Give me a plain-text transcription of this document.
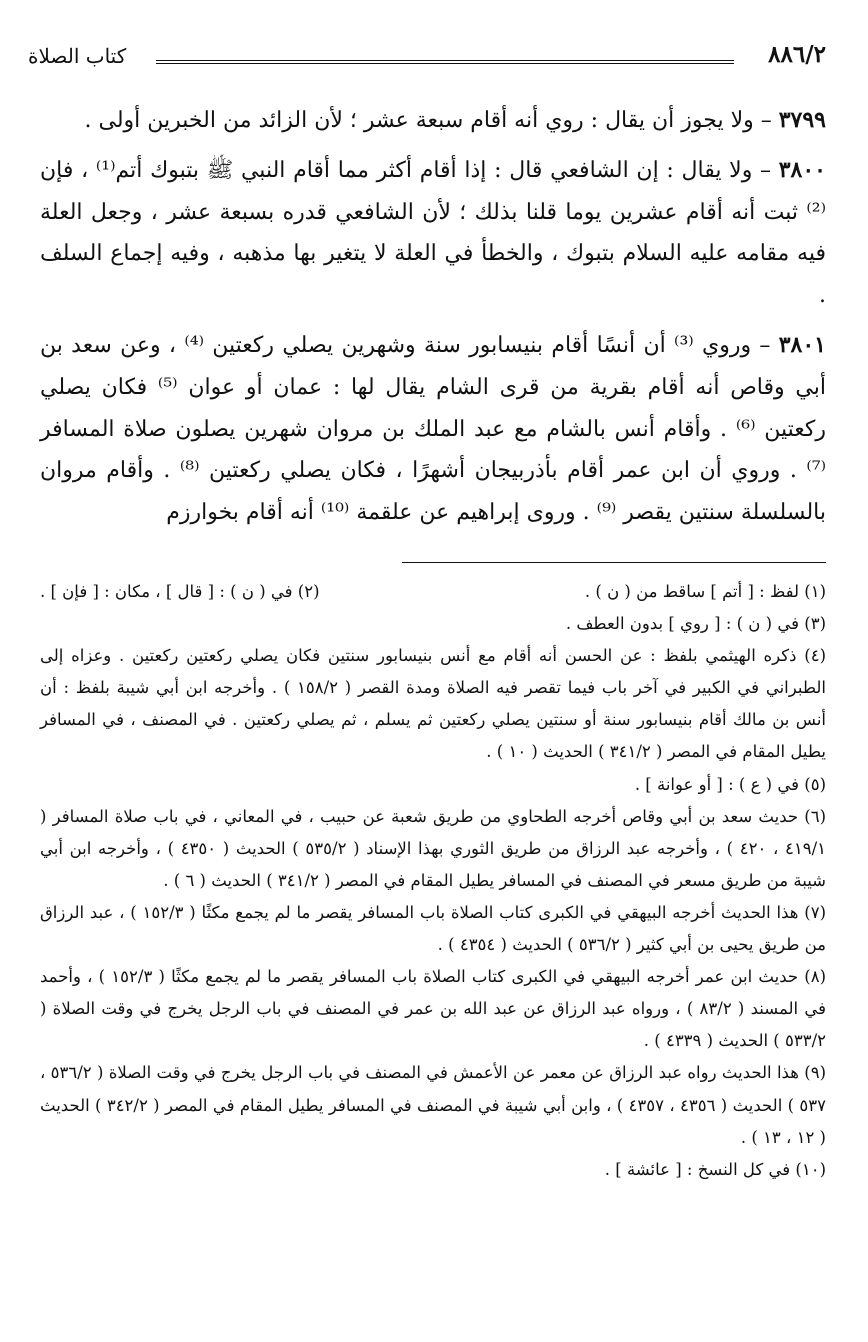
٨٨٦/٢
كتاب الصلاة

٣٧٩٩ – ولا يجوز أن يقال : روي أنه أقام سبعة عشر ؛ لأن الزائد من الخبرين أولى .

٣٨٠٠ – ولا يقال : إن الشافعي قال : إذا أقام أكثر مما أقام النبي ﷺ بتبوك أتم⁽¹⁾ ، فإن ⁽²⁾ ثبت أنه أقام عشرين يوما قلنا بذلك ؛ لأن الشافعي قدره بسبعة عشر ، وجعل العلة فيه مقامه عليه السلام بتبوك ، والخطأ في العلة لا يتغير بها مذهبه ، وفيه إجماع السلف .

٣٨٠١ – وروي ⁽³⁾ أن أنسًا أقام بنيسابور سنة وشهرين يصلي ركعتين ⁽⁴⁾ ، وعن سعد بن أبي وقاص أنه أقام بقرية من قرى الشام يقال لها : عمان أو عوان ⁽⁵⁾ فكان يصلي ركعتين ⁽⁶⁾ . وأقام أنس بالشام مع عبد الملك بن مروان شهرين يصلون صلاة المسافر ⁽⁷⁾ . وروي أن ابن عمر أقام بأذربيجان أشهرًا ، فكان يصلي ركعتين ⁽⁸⁾ . وأقام مروان بالسلسلة سنتين يقصر ⁽⁹⁾ . وروى إبراهيم عن علقمة ⁽¹⁰⁾ أنه أقام بخوارزم

(١) لفظ : [ أتم ] ساقط من ( ن ) .
(٢) في ( ن ) : [ قال ] ، مكان : [ فإن ] .

(٣) في ( ن ) : [ روي ] بدون العطف .

(٤) ذكره الهيثمي بلفظ : عن الحسن أنه أقام مع أنس بنيسابور سنتين فكان يصلي ركعتين ركعتين . وعزاه إلى الطبراني في الكبير في آخر باب فيما تقصر فيه الصلاة ومدة القصر ( ١٥٨/٢ ) . وأخرجه ابن أبي شيبة بلفظ : أن أنس بن مالك أقام بنيسابور سنة أو سنتين يصلي ركعتين ثم يسلم ، ثم يصلي ركعتين . في المصنف ، في المسافر يطيل المقام في المصر ( ٣٤١/٢ ) الحديث ( ١٠ ) .

(٥) في ( ع ) : [ أو عوانة ] .

(٦) حديث سعد بن أبي وقاص أخرجه الطحاوي من طريق شعبة عن حبيب ، في المعاني ، في باب صلاة المسافر ( ٤١٩/١ ، ٤٢٠ ) ، وأخرجه عبد الرزاق من طريق الثوري بهذا الإسناد ( ٥٣٥/٢ ) الحديث ( ٤٣٥٠ ) ، وأخرجه ابن أبي شيبة من طريق مسعر في المصنف في المسافر يطيل المقام في المصر ( ٣٤١/٢ ) الحديث ( ٦ ) .

(٧) هذا الحديث أخرجه البيهقي في الكبرى كتاب الصلاة باب المسافر يقصر ما لم يجمع مكثًا ( ١٥٢/٣ ) ، عبد الرزاق من طريق يحيى بن أبي كثير ( ٥٣٦/٢ ) الحديث ( ٤٣٥٤ ) .

(٨) حديث ابن عمر أخرجه البيهقي في الكبرى كتاب الصلاة باب المسافر يقصر ما لم يجمع مكثًا ( ١٥٢/٣ ) ، وأحمد في المسند ( ٨٣/٢ ) ، ورواه عبد الرزاق عن عبد الله بن عمر في المصنف في باب الرجل يخرج في وقت الصلاة ( ٥٣٣/٢ ) الحديث ( ٤٣٣٩ ) .

(٩) هذا الحديث رواه عبد الرزاق عن معمر عن الأعمش في المصنف في باب الرجل يخرج في وقت الصلاة ( ٥٣٦/٢ ، ٥٣٧ ) الحديث ( ٤٣٥٦ ، ٤٣٥٧ ) ، وابن أبي شيبة في المصنف في المسافر يطيل المقام في المصر ( ٣٤٢/٢ ) الحديث ( ١٢ ، ١٣ ) .

(١٠) في كل النسخ : [ عائشة ] .
